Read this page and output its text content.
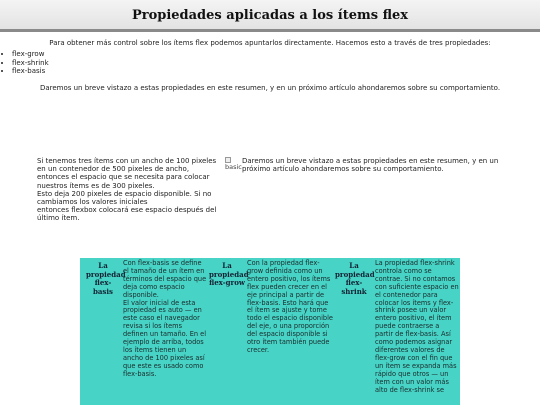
Propiedades aplicadas a los ítems flex
Para obtener más control sobre los ítems flex podemos apuntarlos directamente. Hacemos esto a través de tres propiedades:
• flex-grow
• flex-shrink
• flex-basis
Daremos un breve vistazo a estas propiedades en este resumen, y en un próximo artículo ahondaremos sobre su comportamiento.
Si tenemos tres ítems con un ancho de 100 pixeles en un contenedor de 500 pixeles de ancho,
entonces el espacio que se necesita para colocar nuestros ítems es de 300 pixeles.
Esto deja 200 pixeles de espacio disponible. Si no cambiamos los valores iniciales
entonces flexbox colocará ese espacio después del último ítem.

basic
Daremos un breve vistazo a estas propiedades en este resumen, y en un próximo artículo ahondaremos sobre su comportamiento.
La propiedad flex-basis

Con flex-basis se define el tamaño de un ítem en términos del espacio que deja como espacio disponible.

El valor inicial de esta propiedad es auto — en este caso el navegador revisa si los ítems definen un tamaño. En el ejemplo de arriba, todos los ítems tienen un ancho de 100 pixeles así que este es usado como flex-basis.

La propiedad flex-grow

Con la propiedad flex-grow definida como un entero positivo, los ítems flex pueden crecer en el eje principal a partir de flex-basis. Esto hará que el ítem se ajuste y tome todo el espacio disponible del eje, o una proporción del espacio disponible si otro ítem también puede crecer.

La propiedad flex-shrink

La propiedad flex-shrink controla como se contrae. Si no contamos con suficiente espacio en el contenedor para colocar los ítems y flex-shrink posee un valor entero positivo, el ítem puede contraerse a partir de flex-basis. Así como podemos asignar diferentes valores de flex-grow con el fin que un ítem se expanda más rápido que otros — un ítem con un valor más alto de flex-shrink se
